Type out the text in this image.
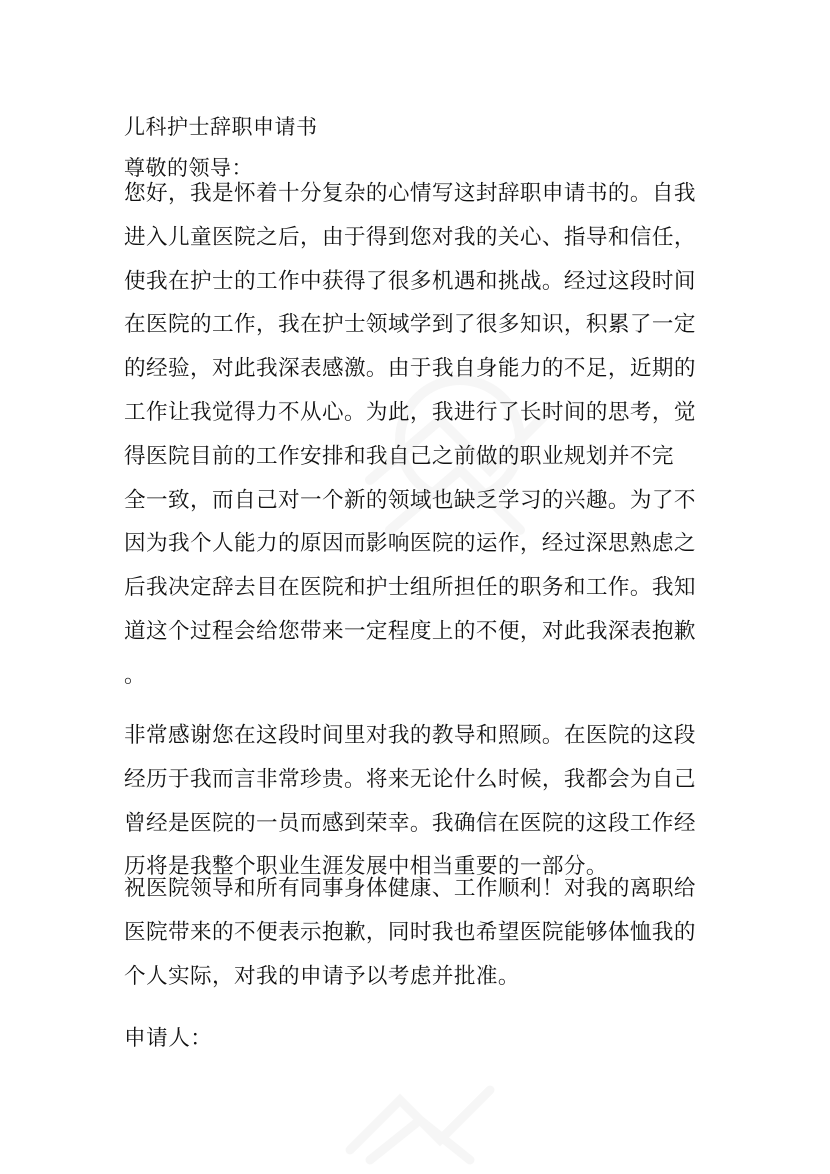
儿科护士辞职申请书
尊敬的领导：
您好，我是怀着十分复杂的心情写这封辞职申请书的。自我
进入儿童医院之后，由于得到您对我的关心、指导和信任，
使我在护士的工作中获得了很多机遇和挑战。经过这段时间
在医院的工作，我在护士领域学到了很多知识，积累了一定
的经验，对此我深表感激。由于我自身能力的不足，近期的
工作让我觉得力不从心。为此，我进行了长时间的思考，觉
得医院目前的工作安排和我自己之前做的职业规划并不完
全一致，而自己对一个新的领域也缺乏学习的兴趣。为了不
因为我个人能力的原因而影响医院的运作，经过深思熟虑之
后我决定辞去目在医院和护士组所担任的职务和工作。我知
道这个过程会给您带来一定程度上的不便，对此我深表抱歉
。
非常感谢您在这段时间里对我的教导和照顾。在医院的这段
经历于我而言非常珍贵。将来无论什么时候，我都会为自己
曾经是医院的一员而感到荣幸。我确信在医院的这段工作经
历将是我整个职业生涯发展中相当重要的一部分。
祝医院领导和所有同事身体健康、工作顺利！对我的离职给
医院带来的不便表示抱歉，同时我也希望医院能够体恤我的
个人实际，对我的申请予以考虑并批准。
申请人：
